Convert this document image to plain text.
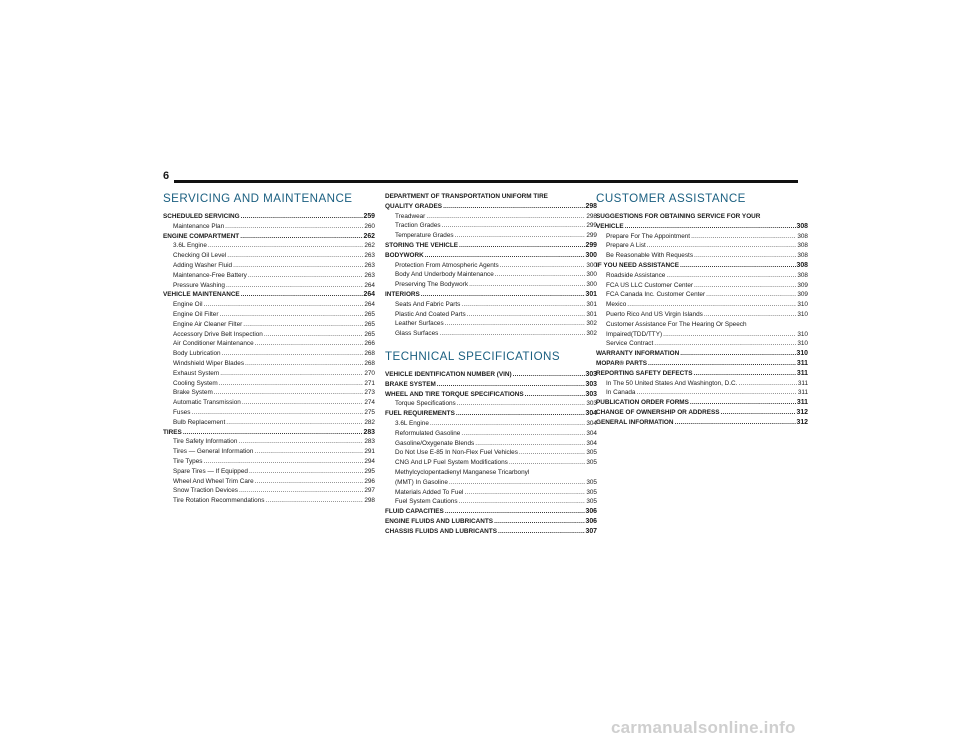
6
SERVICING AND MAINTENANCE
SCHEDULED SERVICING .....	259
Maintenance Plan .....	260
ENGINE COMPARTMENT .....	262
3.6L Engine .....	262
Checking Oil Level .....	263
Adding Washer Fluid .....	263
Maintenance-Free Battery .....	263
Pressure Washing .....	264
VEHICLE MAINTENANCE .....	264
Engine Oil .....	264
Engine Oil Filter .....	265
Engine Air Cleaner Filter .....	265
Accessory Drive Belt Inspection .....	265
Air Conditioner Maintenance .....	266
Body Lubrication .....	268
Windshield Wiper Blades .....	268
Exhaust System .....	270
Cooling System .....	271
Brake System .....	273
Automatic Transmission .....	274
Fuses .....	275
Bulb Replacement .....	282
TIRES .....	283
Tire Safety Information .....	283
Tires — General Information .....	291
Tire Types .....	294
Spare Tires — If Equipped .....	295
Wheel And Wheel Trim Care .....	296
Snow Traction Devices .....	297
Tire Rotation Recommendations .....	298
DEPARTMENT OF TRANSPORTATION UNIFORM TIRE
QUALITY GRADES .....	298
Treadwear .....	298
Traction Grades .....	299
Temperature Grades .....	299
STORING THE VEHICLE .....	299
BODYWORK .....	300
Protection From Atmospheric Agents .....	300
Body And Underbody Maintenance .....	300
Preserving The Bodywork .....	300
INTERIORS .....	301
Seats And Fabric Parts .....	301
Plastic And Coated Parts .....	301
Leather Surfaces .....	302
Glass Surfaces .....	302
TECHNICAL SPECIFICATIONS
VEHICLE IDENTIFICATION NUMBER (VIN) .....	303
BRAKE SYSTEM .....	303
WHEEL AND TIRE TORQUE SPECIFICATIONS .....	303
Torque Specifications .....	303
FUEL REQUIREMENTS .....	304
3.6L Engine .....	304
Reformulated Gasoline .....	304
Gasoline/Oxygenate Blends .....	304
Do Not Use E-85 In Non-Flex Fuel Vehicles .....	305
CNG And LP Fuel System Modifications .....	305
Methylcyclopentadienyl Manganese Tricarbonyl
(MMT) In Gasoline .....	305
Materials Added To Fuel .....	305
Fuel System Cautions .....	305
FLUID CAPACITIES .....	306
ENGINE FLUIDS AND LUBRICANTS .....	306
CHASSIS FLUIDS AND LUBRICANTS .....	307
CUSTOMER ASSISTANCE
SUGGESTIONS FOR OBTAINING SERVICE FOR YOUR
VEHICLE .....	308
Prepare For The Appointment .....	308
Prepare A List .....	308
Be Reasonable With Requests .....	308
IF YOU NEED ASSISTANCE .....	308
Roadside Assistance .....	308
FCA US LLC Customer Center .....	309
FCA Canada Inc. Customer Center .....	309
Mexico .....	310
Puerto Rico And US Virgin Islands .....	310
Customer Assistance For The Hearing Or Speech
Impaired(TDD/TTY) .....	310
Service Contract .....	310
WARRANTY INFORMATION .....	310
MOPAR® PARTS .....	311
REPORTING SAFETY DEFECTS .....	311
In The 50 United States And Washington, D.C. .....	311
In Canada .....	311
PUBLICATION ORDER FORMS .....	311
CHANGE OF OWNERSHIP OR ADDRESS .....	312
GENERAL INFORMATION .....	312
carmanualsonline.info
